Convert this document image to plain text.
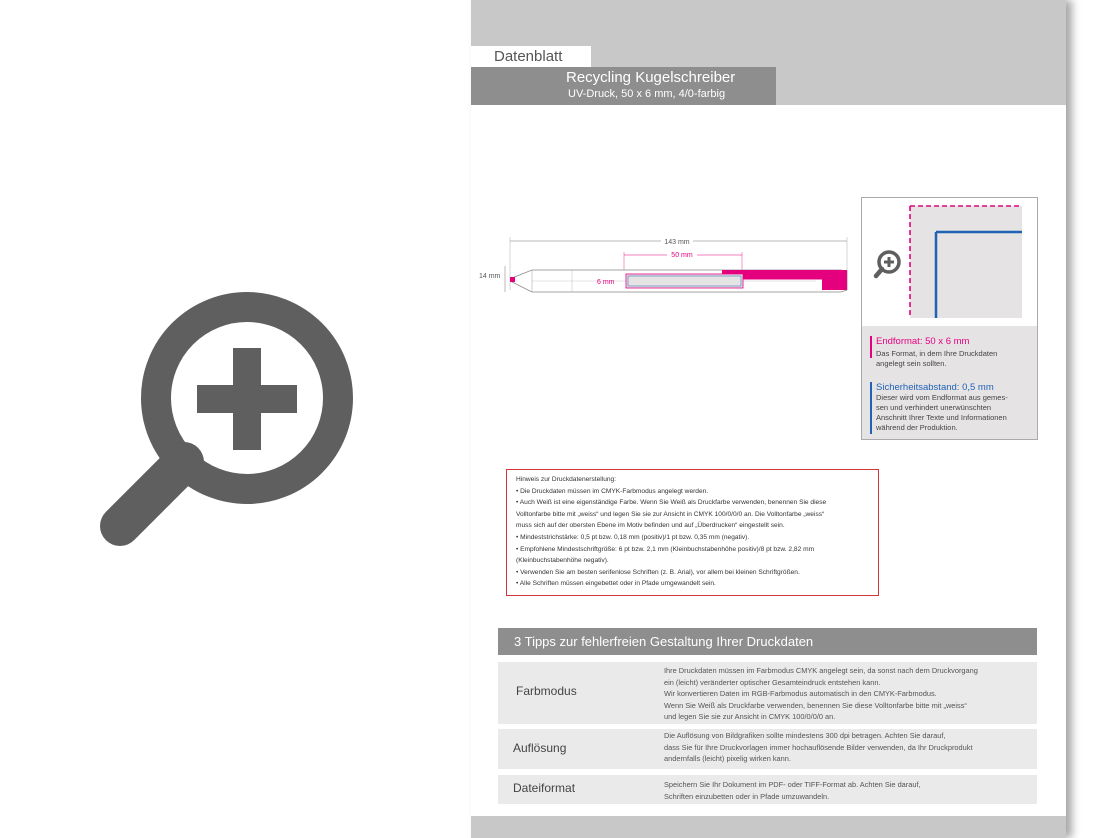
Datenblatt
Recycling Kugelschreiber
UV-Druck, 50 x 6 mm, 4/0-farbig
143 mm
50 mm
14 mm
6 mm
Endformat: 50 x 6 mm
Das Format, in dem Ihre Druckdaten
angelegt sein sollten.
Sicherheitsabstand: 0,5 mm
Dieser wird vom Endformat aus gemes-
sen und verhindert unerwünschten
Anschnitt Ihrer Texte und Informationen
während der Produktion.

Hinweis zur Druckdatenerstellung:

• Die Druckdaten müssen im CMYK-Farbmodus angelegt werden.

• Auch Weiß ist eine eigenständige Farbe. Wenn Sie Weiß als Druckfarbe verwenden, benennen Sie diese

Volltonfarbe bitte mit „weiss“ und legen Sie sie zur Ansicht in CMYK 100/0/0/0 an. Die Volltonfarbe „weiss“

muss sich auf der obersten Ebene im Motiv befinden und auf „Überdrucken“ eingestellt sein.

• Mindeststrichstärke: 0,5 pt bzw. 0,18 mm (positiv)/1 pt bzw. 0,35 mm (negativ).

• Empfohlene Mindestschriftgröße: 6 pt bzw. 2,1 mm (Kleinbuchstabenhöhe positiv)/8 pt bzw. 2,82 mm

(Kleinbuchstabenhöhe negativ).

• Verwenden Sie am besten serifenlose Schriften (z. B. Arial), vor allem bei kleinen Schriftgrößen.

• Alle Schriften müssen eingebettet oder in Pfade umgewandelt sein.

3 Tipps zur fehlerfreien Gestaltung Ihrer Druckdaten
Farbmodus
Ihre Druckdaten müssen im Farbmodus CMYK angelegt sein, da sonst nach dem Druckvorgang
ein (leicht) veränderter optischer Gesamteindruck entstehen kann.
Wir konvertieren Daten im RGB-Farbmodus automatisch in den CMYK-Farbmodus.
Wenn Sie Weiß als Druckfarbe verwenden, benennen Sie diese Volltonfarbe bitte mit „weiss“
und legen Sie sie zur Ansicht in CMYK 100/0/0/0 an.
Auflösung
Die Auflösung von Bildgrafiken sollte mindestens 300 dpi betragen. Achten Sie darauf,
dass Sie für Ihre Druckvorlagen immer hochauflösende Bilder verwenden, da Ihr Druckprodukt
andernfalls (leicht) pixelig wirken kann.
Dateiformat	Speichern Sie Ihr Dokument im PDF- oder TIFF-Format ab. Achten Sie darauf,
Schriften einzubetten oder in Pfade umzuwandeln.
